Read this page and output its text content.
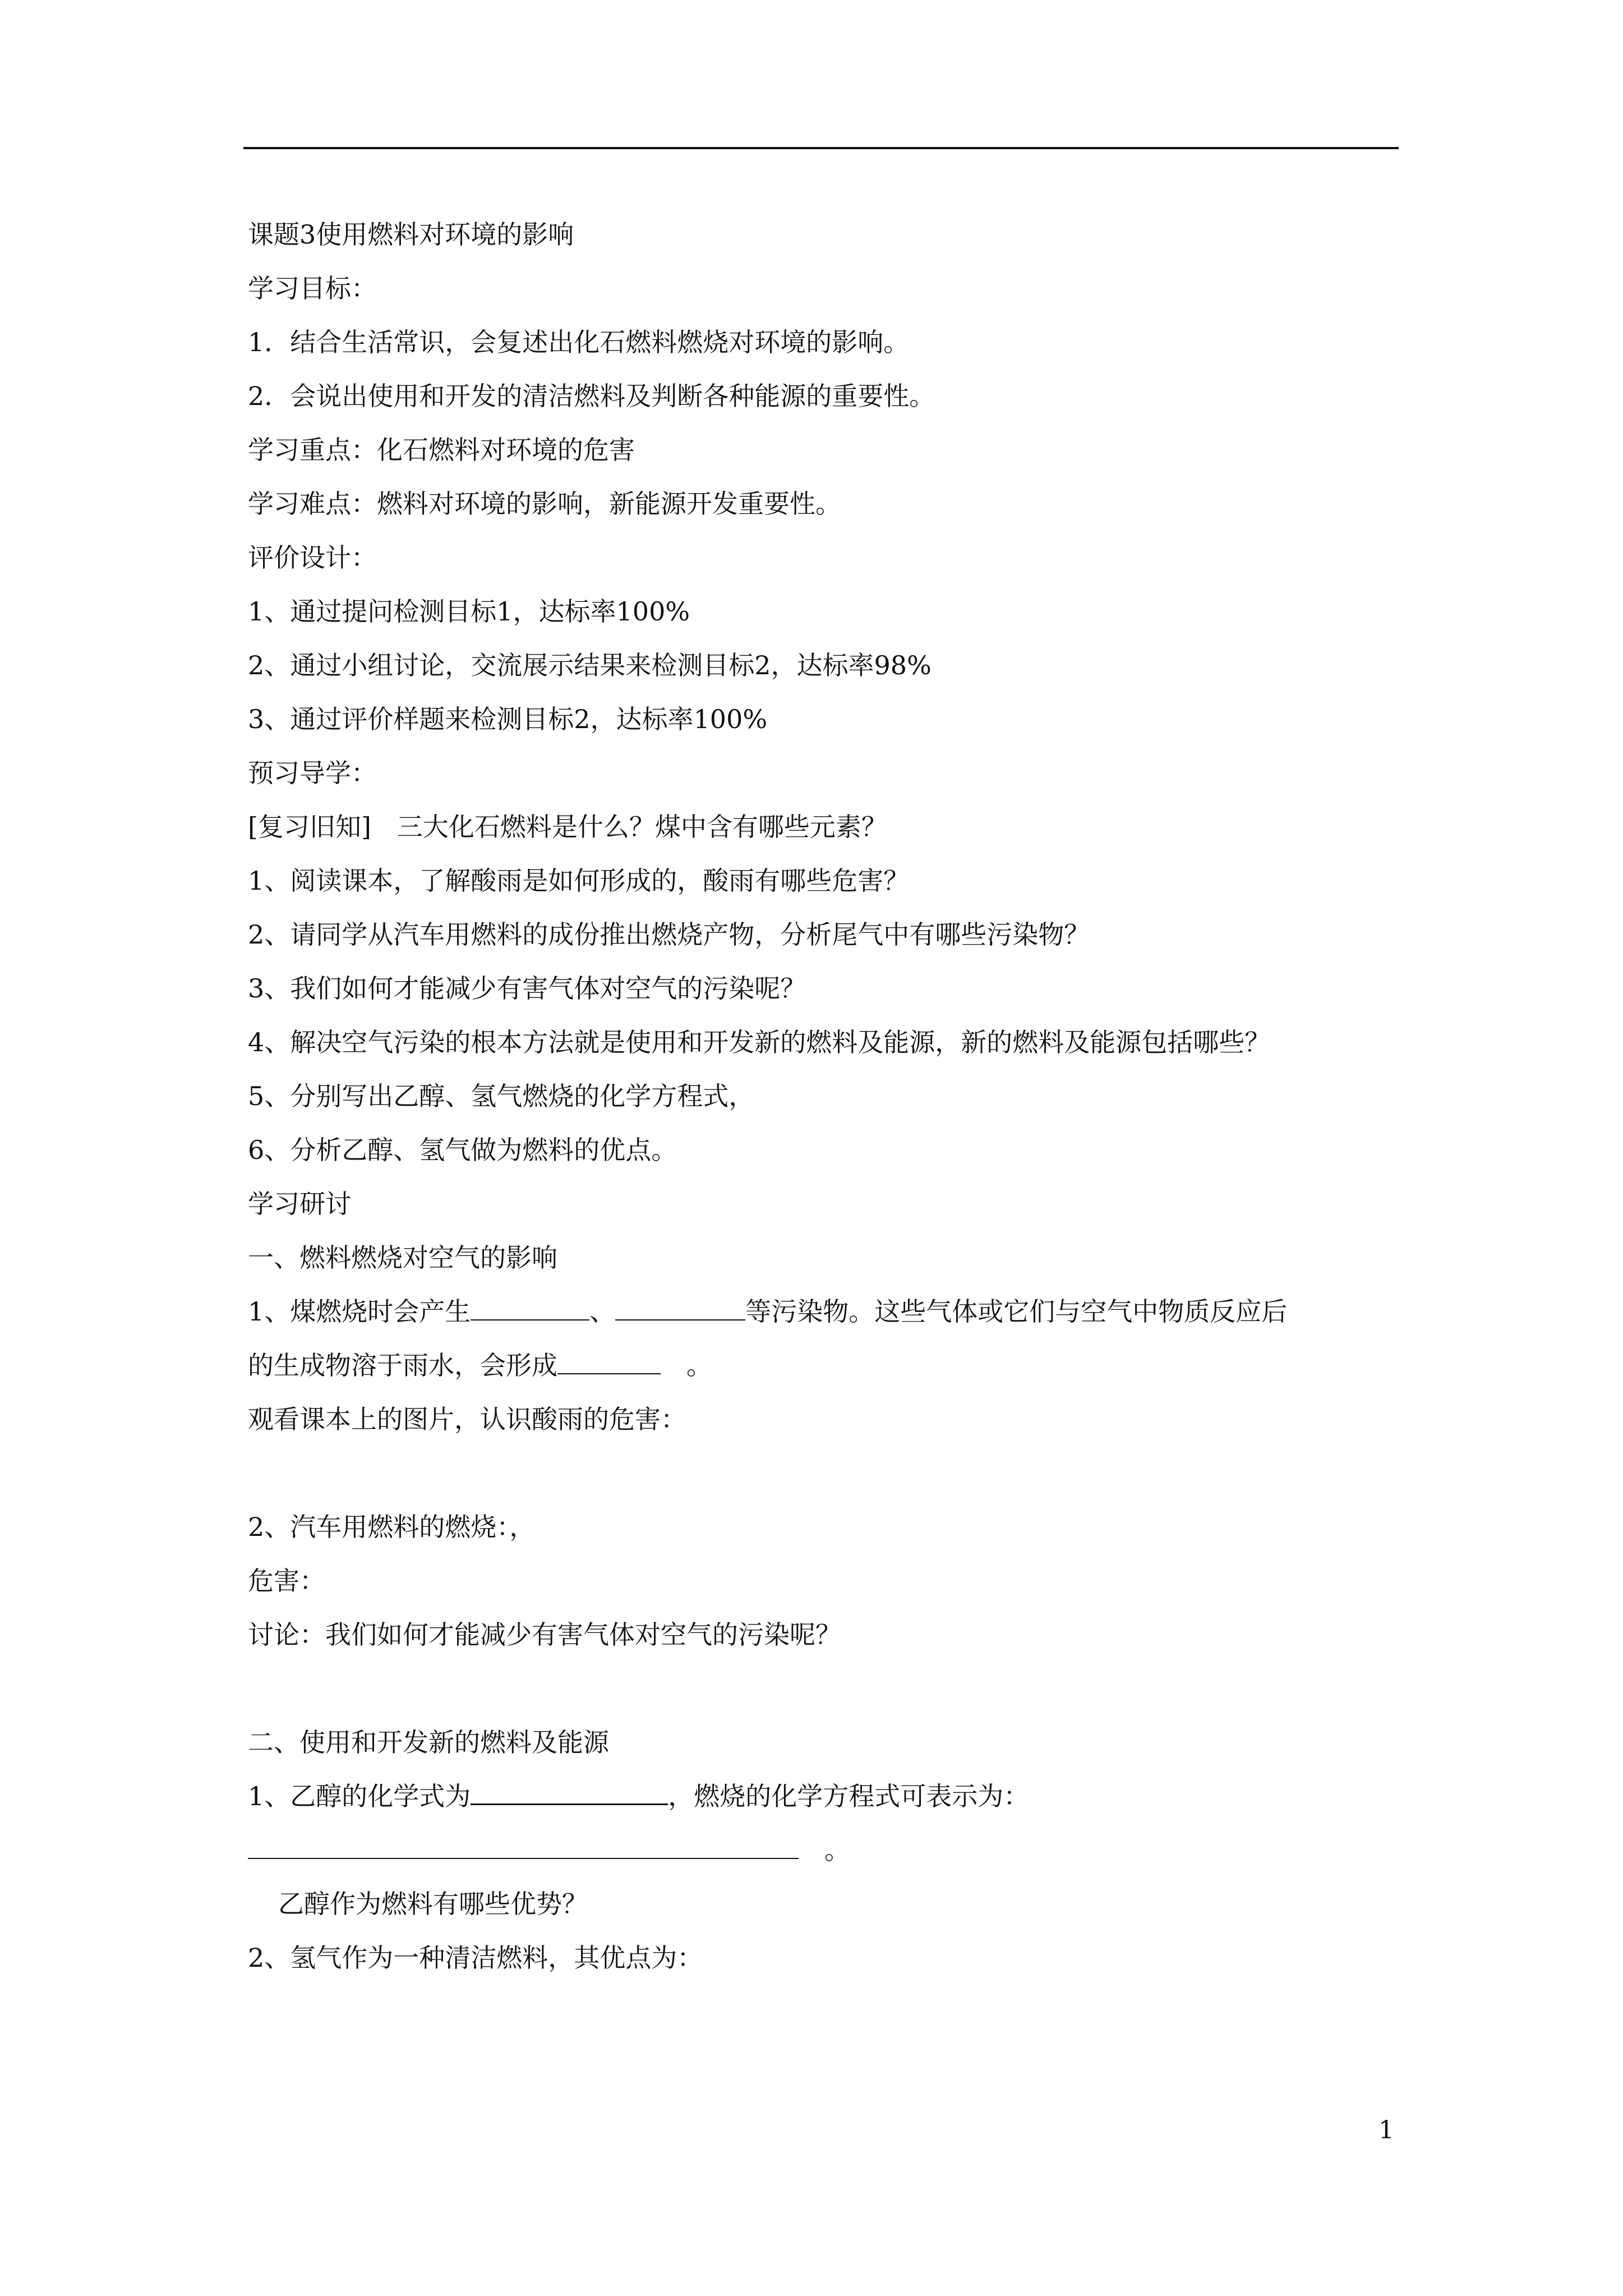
课题3使用燃料对环境的影响
学习目标：
1．结合生活常识，会复述出化石燃料燃烧对环境的影响。
2．会说出使用和开发的清洁燃料及判断各种能源的重要性。
学习重点：化石燃料对环境的危害
学习难点：燃料对环境的影响，新能源开发重要性。
评价设计：
1、通过提问检测目标1，达标率100%
2、通过小组讨论，交流展示结果来检测目标2，达标率98%
3、通过评价样题来检测目标2，达标率100%
预习导学：
[复习旧知]　三大化石燃料是什么？煤中含有哪些元素？
1、阅读课本，了解酸雨是如何形成的，酸雨有哪些危害？
2、请同学从汽车用燃料的成份推出燃烧产物，分析尾气中有哪些污染物？
3、我们如何才能减少有害气体对空气的污染呢？
4、解决空气污染的根本方法就是使用和开发新的燃料及能源，新的燃料及能源包括哪些？
5、分别写出乙醇、氢气燃烧的化学方程式，
6、分析乙醇、氢气做为燃料的优点。
学习研讨
一、燃料燃烧对空气的影响
1、煤燃烧时会产生	、	等污染物。这些气体或它们与空气中物质反应后
的生成物溶于雨水，会形成	　。
观看课本上的图片，认识酸雨的危害：
2、汽车用燃料的燃烧：，
危害：
讨论：我们如何才能减少有害气体对空气的污染呢？
二、使用和开发新的燃料及能源
1、乙醇的化学式为	，燃烧的化学方程式可表示为：
　。
乙醇作为燃料有哪些优势？
2、氢气作为一种清洁燃料，其优点为：
1
